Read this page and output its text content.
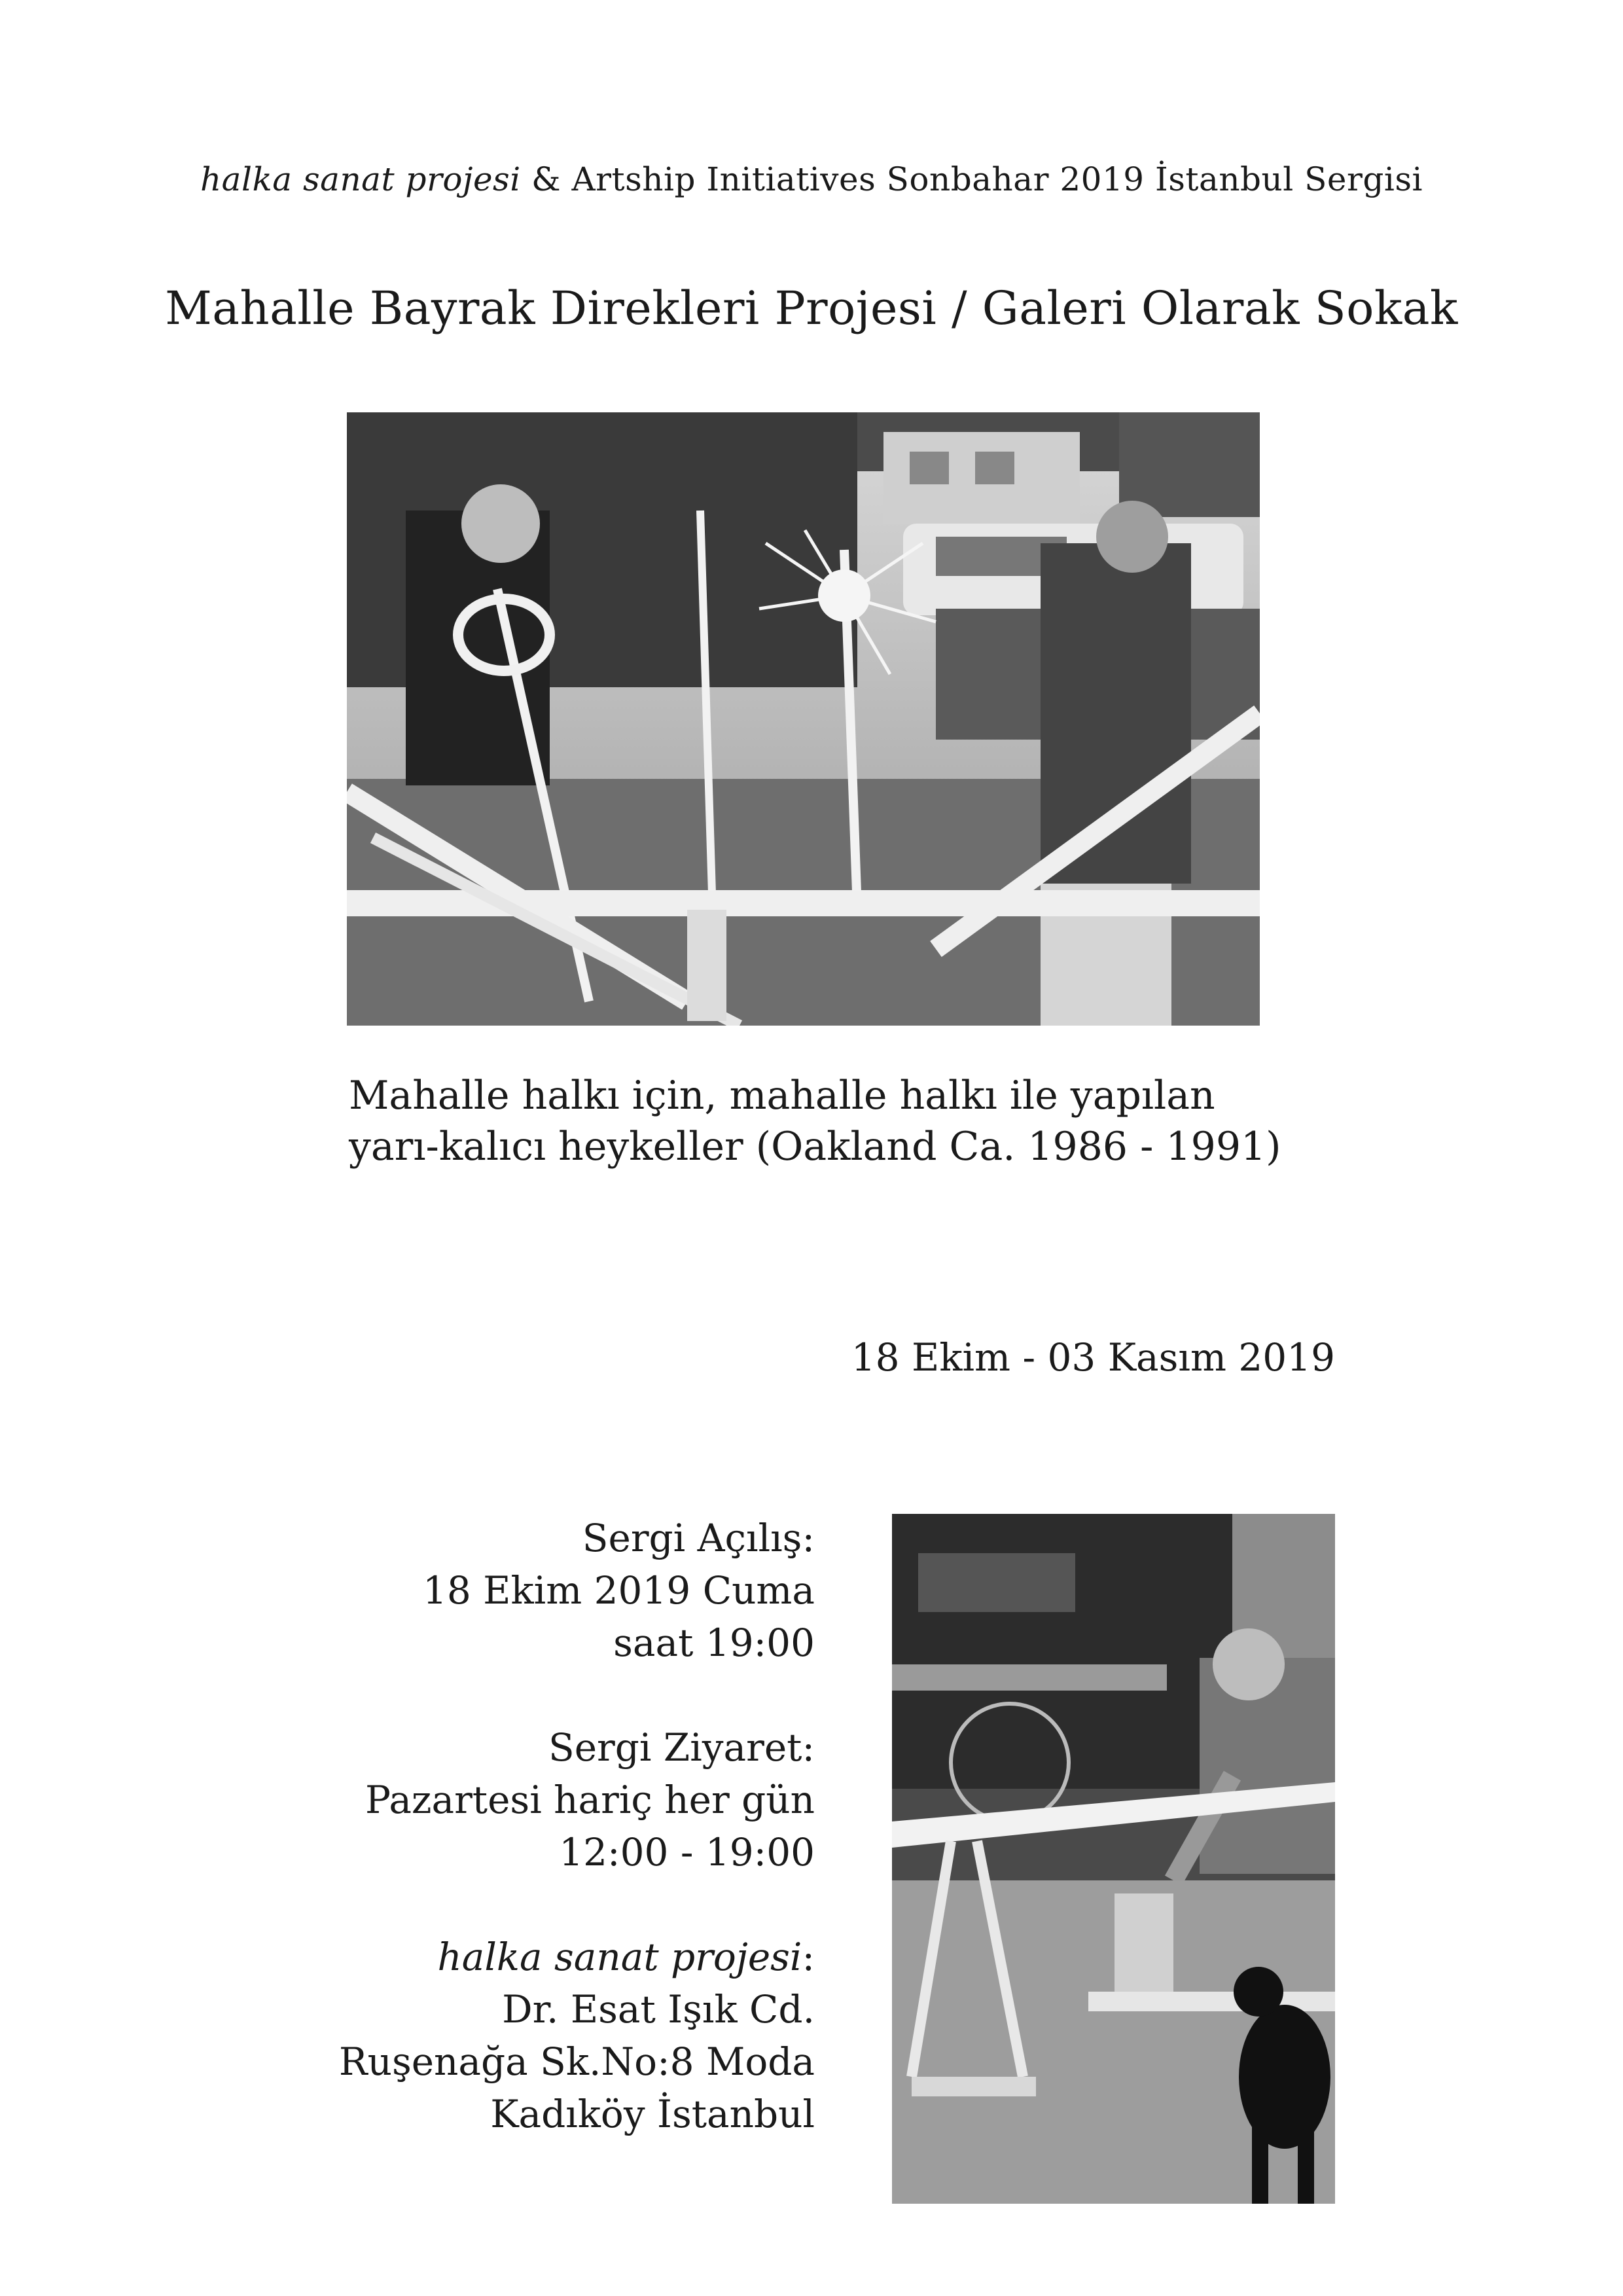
halka sanat projesi & Artship Initiatives Sonbahar 2019 İstanbul Sergisi
Mahalle Bayrak Direkleri Projesi / Galeri Olarak Sokak
Mahalle halkı için, mahalle halkı ile yapılan
yarı-kalıcı heykeller (Oakland Ca. 1986 - 1991)
18 Ekim - 03 Kasım 2019
Sergi Açılış:
18 Ekim 2019 Cuma
saat 19:00
Sergi Ziyaret:
Pazartesi hariç her gün
12:00 - 19:00
halka sanat projesi:
Dr. Esat Işık Cd.
Ruşenağa Sk.No:8 Moda
Kadıköy İstanbul
